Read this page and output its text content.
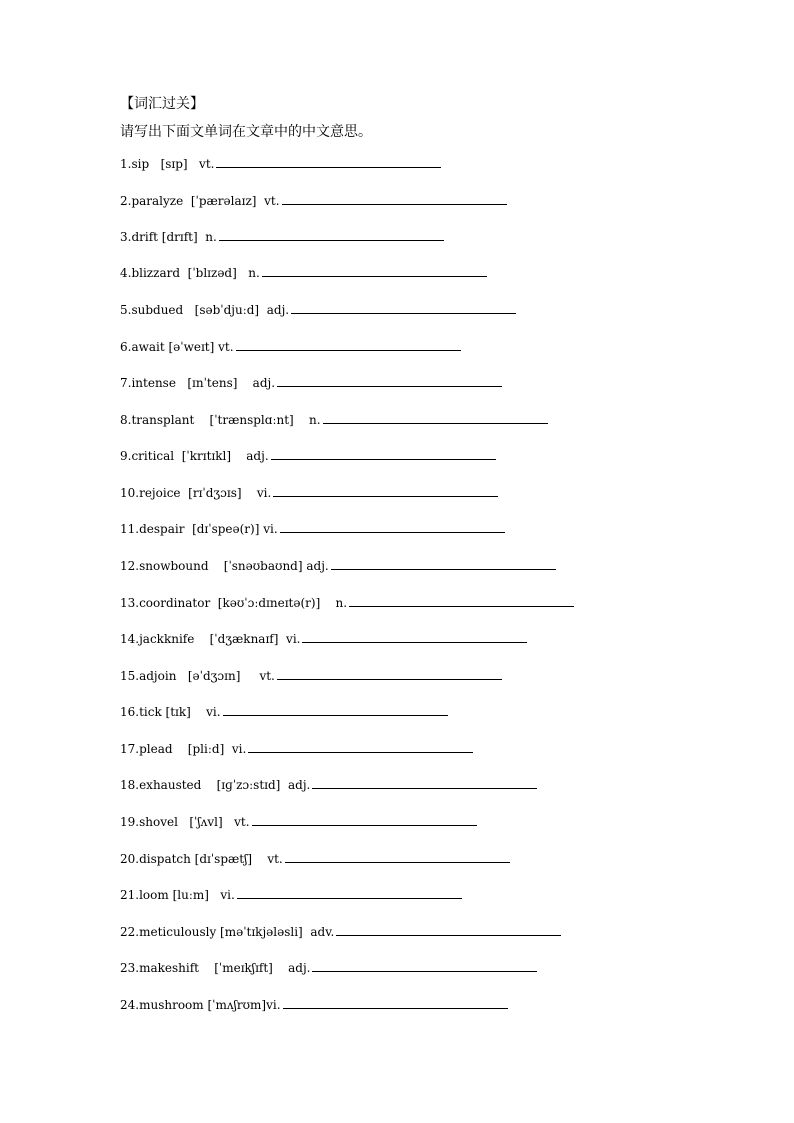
【词汇过关】
请写出下面文单词在文章中的中文意思。
1.sip   [sɪp]   vt.
2.paralyze  [ˈpærəlaɪz]  vt.
3.drift [drɪft]  n.
4.blizzard  [ˈblɪzəd]   n.
5.subdued   [səbˈdjuːd]  adj.
6.await [əˈweɪt] vt.
7.intense   [ɪnˈtens]    adj.
8.transplant    [ˈtrænsplɑːnt]    n.
9.critical  [ˈkrɪtɪkl]    adj.
10.rejoice  [rɪˈdʒɔɪs]    vi.
11.despair  [dɪˈspeə(r)] vi.
12.snowbound    [ˈsnəʊbaʊnd] adj.
13.coordinator  [kəʊˈɔːdɪneɪtə(r)]    n.
14.jackknife    [ˈdʒæknaɪf]  vi.
15.adjoin   [əˈdʒɔɪn]     vt.
16.tick [tɪk]    vi.
17.plead    [pliːd]  vi.
18.exhausted    [ɪɡˈzɔːstɪd]  adj.
19.shovel   [ˈʃʌvl]   vt.
20.dispatch [dɪˈspætʃ]    vt.
21.loom [luːm]   vi.
22.meticulously [məˈtɪkjələsli]  adv.
23.makeshift    [ˈmeɪkʃɪft]    adj.
24.mushroom [ˈmʌʃrʊm]vi.
